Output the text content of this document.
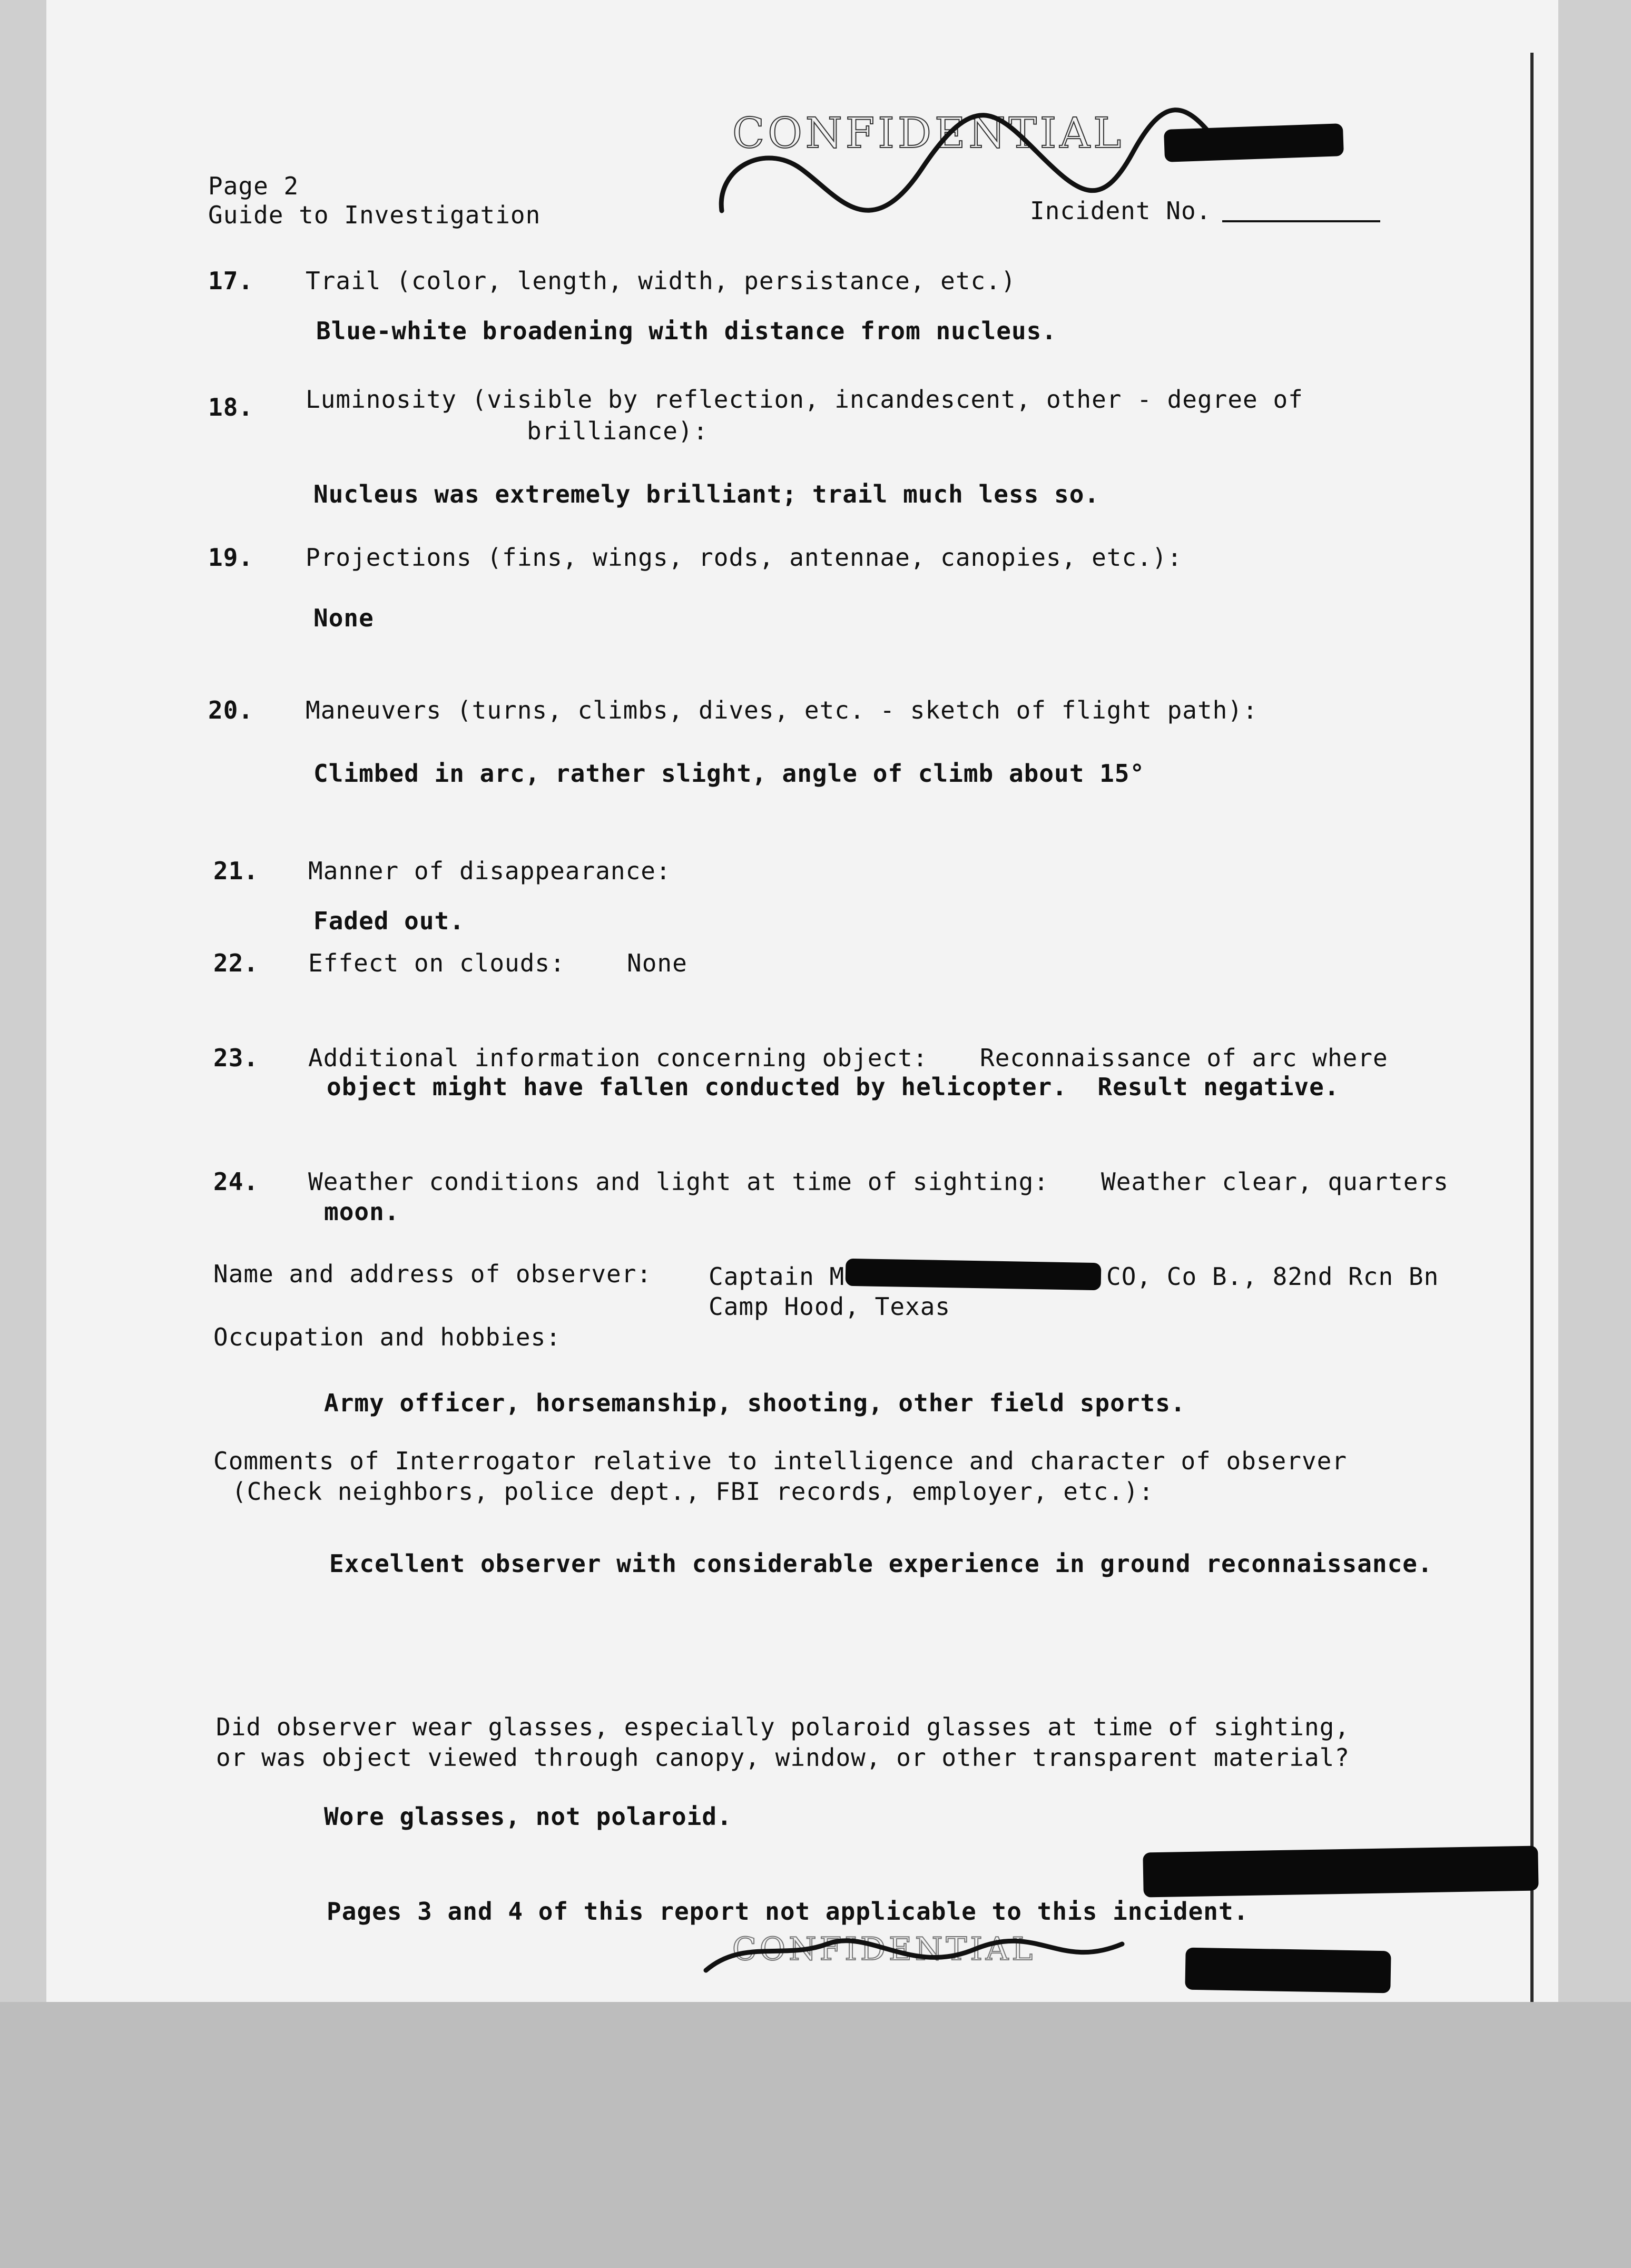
CONFIDENTIAL
Page 2
Guide to Investigation	Incident No.
17. Trail (color, length, width, persistance, etc.)
Blue-white broadening with distance from nucleus.
18. Luminosity (visible by reflection, incandescent, other - degree of
brilliance):
Nucleus was extremely brilliant; trail much less so.
19. Projections (fins, wings, rods, antennae, canopies, etc.):
None
20. Maneuvers (turns, climbs, dives, etc. - sketch of flight path):
Climbed in arc, rather slight, angle of climb about 15°
21. Manner of disappearance:
Faded out.
22. Effect on clouds:	None
23. Additional information concerning object: Reconnaissance of arc where
object might have fallen conducted by helicopter.  Result negative.
24. Weather conditions and light at time of sighting: Weather clear, quarters
moon.
Name and address of observer: Captain M	CO, Co B., 82nd Rcn Bn
Camp Hood, Texas
Occupation and hobbies:
Army officer, horsemanship, shooting, other field sports.
Comments of Interrogator relative to intelligence and character of observer
(Check neighbors, police dept., FBI records, employer, etc.):
Excellent observer with considerable experience in ground reconnaissance.
Did observer wear glasses, especially polaroid glasses at time of sighting,
or was object viewed through canopy, window, or other transparent material?
Wore glasses, not polaroid.
Pages 3 and 4 of this report not applicable to this incident.
CONFIDENTIAL
